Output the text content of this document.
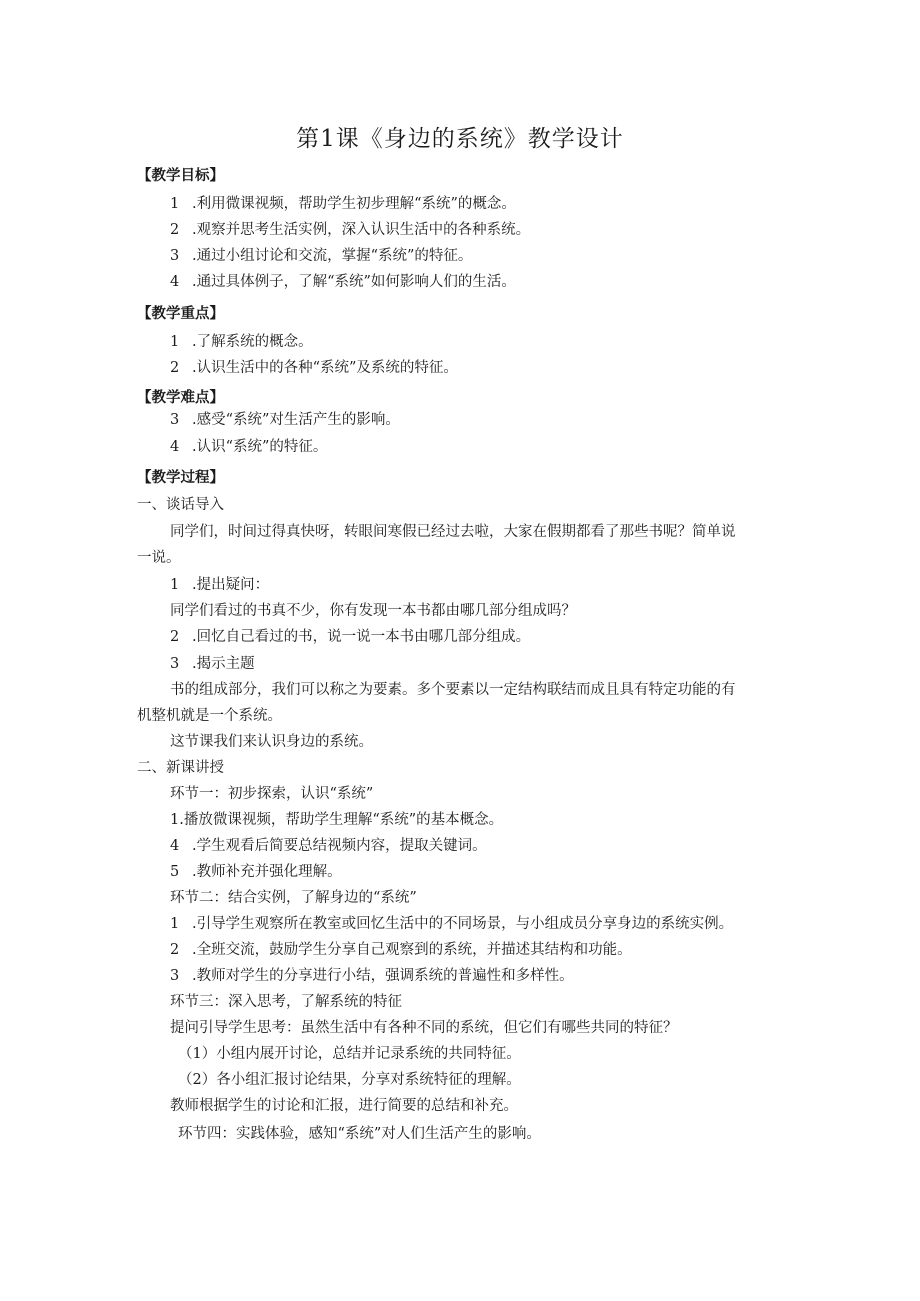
第1课《身边的系统》教学设计
【教学目标】
1 .利用微课视频，帮助学生初步理解“系统”的概念。
2 .观察并思考生活实例，深入认识生活中的各种系统。
3 .通过小组讨论和交流，掌握“系统”的特征。
4 .通过具体例子，了解“系统”如何影响人们的生活。
【教学重点】
1 .了解系统的概念。
2 .认识生活中的各种“系统”及系统的特征。
【教学难点】
3 .感受“系统”对生活产生的影响。
4 .认识“系统”的特征。
【教学过程】
一、谈话导入
同学们，时间过得真快呀，转眼间寒假已经过去啦，大家在假期都看了那些书呢？简单说
一说。
1 .提出疑问：
同学们看过的书真不少，你有发现一本书都由哪几部分组成吗？
2 .回忆自己看过的书，说一说一本书由哪几部分组成。
3 .揭示主题
书的组成部分，我们可以称之为要素。多个要素以一定结构联结而成且具有特定功能的有
机整机就是一个系统。
这节课我们来认识身边的系统。
二、新课讲授
环节一：初步探索，认识“系统”
1.播放微课视频，帮助学生理解“系统”的基本概念。
4 .学生观看后简要总结视频内容，提取关键词。
5 .教师补充并强化理解。
环节二：结合实例，了解身边的“系统”
1 .引导学生观察所在教室或回忆生活中的不同场景，与小组成员分享身边的系统实例。
2 .全班交流，鼓励学生分享自己观察到的系统，并描述其结构和功能。
3 .教师对学生的分享进行小结，强调系统的普遍性和多样性。
环节三：深入思考，了解系统的特征
提问引导学生思考：虽然生活中有各种不同的系统，但它们有哪些共同的特征？
（1）小组内展开讨论，总结并记录系统的共同特征。
（2）各小组汇报讨论结果，分享对系统特征的理解。
教师根据学生的讨论和汇报，进行简要的总结和补充。
环节四：实践体验，感知“系统”对人们生活产生的影响。
